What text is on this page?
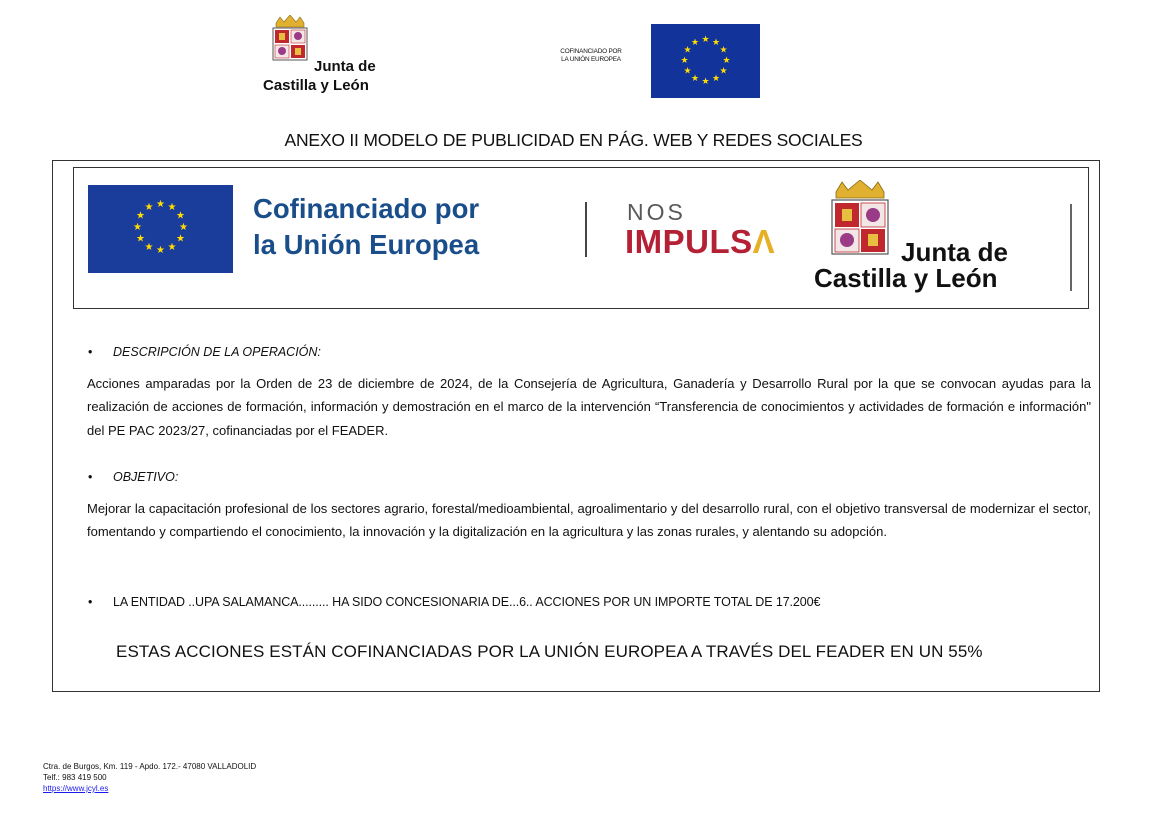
Junta de
Castilla y León
COFINANCIADO POR
LA UNIÓN EUROPEA
★ ★
★
★
★
★
★
★
★
★
★
★
ANEXO II MODELO DE PUBLICIDAD EN PÁG. WEB Y REDES SOCIALES
★ ★
★
★
★
★
★
★
★
★
★
★	Cofinanciado por
la Unión Europea
NOS
IMPULSΛ	Junta de
Castilla y León
• DESCRIPCIÓN DE LA OPERACIÓN:
Acciones amparadas por la Orden de 23 de diciembre de 2024, de la Consejería de Agricultura, Ganadería y Desarrollo Rural por la que se convocan ayudas para la realización de acciones de formación, información y demostración en el marco de la intervención “Transferencia de conocimientos y actividades de formación e información" del PE PAC 2023/27, cofinanciadas por el FEADER.
• OBJETIVO:
Mejorar la capacitación profesional de los sectores agrario, forestal/medioambiental, agroalimentario y del desarrollo rural, con el objetivo transversal de modernizar el sector, fomentando y compartiendo el conocimiento, la innovación y la digitalización en la agricultura y las zonas rurales, y alentando su adopción.
• LA ENTIDAD ..UPA SALAMANCA......... HA SIDO CONCESIONARIA DE...6.. ACCIONES POR UN IMPORTE TOTAL DE 17.200€
ESTAS ACCIONES ESTÁN COFINANCIADAS POR LA UNIÓN EUROPEA A TRAVÉS DEL FEADER EN UN 55%
Ctra. de Burgos, Km. 119 - Apdo. 172.- 47080 VALLADOLID
Telf.: 983 419 500
https://www.jcyl.es
